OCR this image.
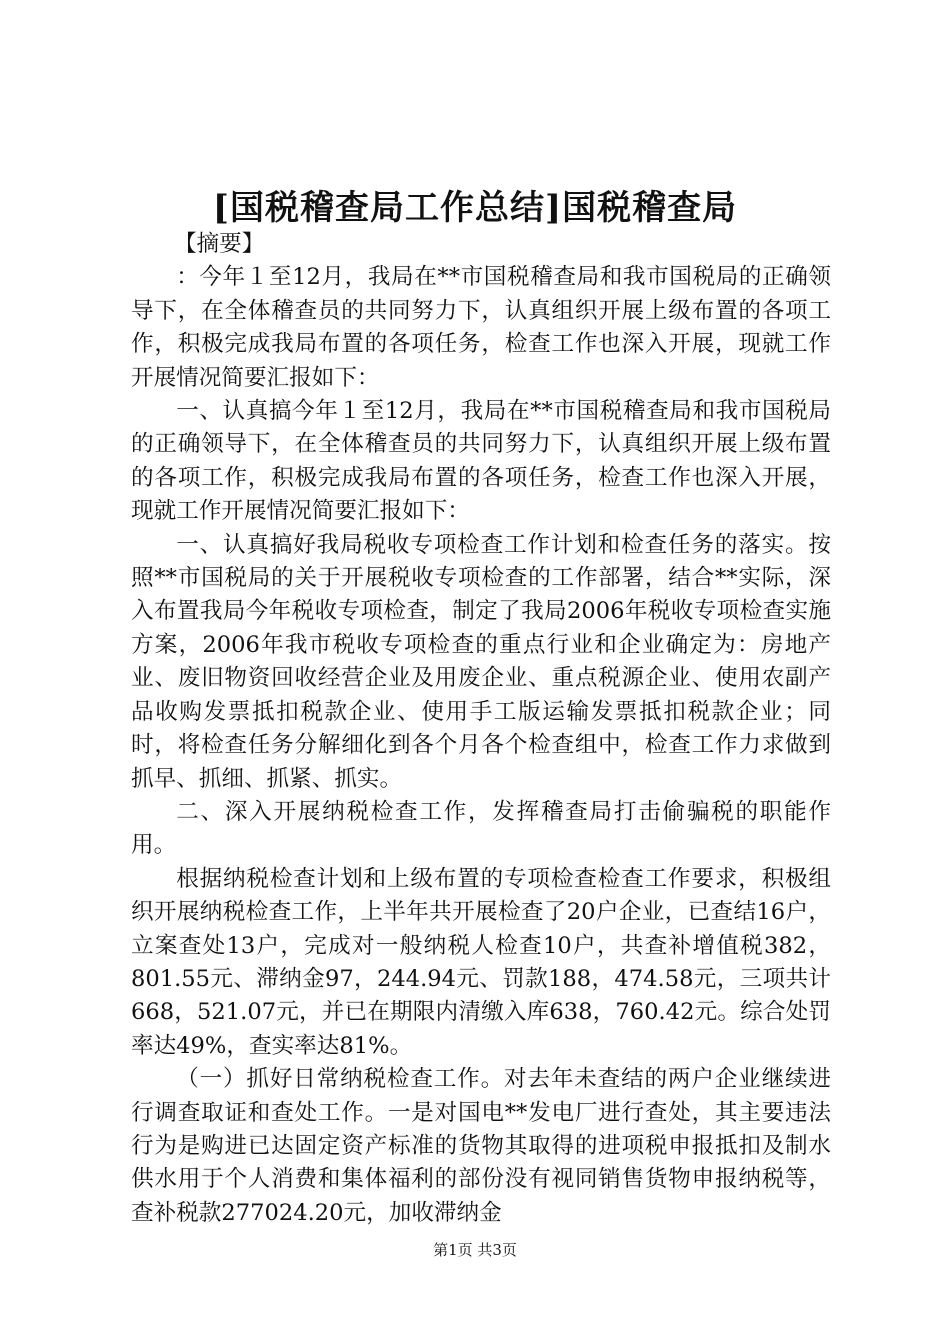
[国税稽查局工作总结]国税稽查局

【摘要】

：今年１至12月，我局在**市国税稽查局和我市国税局的正确领导下，在全体稽查员的共同努力下，认真组织开展上级布置的各项工作，积极完成我局布置的各项任务，检查工作也深入开展，现就工作开展情况简要汇报如下：

一、认真搞今年１至12月，我局在**市国税稽查局和我市国税局的正确领导下，在全体稽查员的共同努力下，认真组织开展上级布置的各项工作，积极完成我局布置的各项任务，检查工作也深入开展，现就工作开展情况简要汇报如下：

一、认真搞好我局税收专项检查工作计划和检查任务的落实。按照**市国税局的关于开展税收专项检查的工作部署，结合**实际，深入布置我局今年税收专项检查，制定了我局2006年税收专项检查实施方案，2006年我市税收专项检查的重点行业和企业确定为：房地产业、废旧物资回收经营企业及用废企业、重点税源企业、使用农副产品收购发票抵扣税款企业、使用手工版运输发票抵扣税款企业；同时，将检查任务分解细化到各个月各个检查组中，检查工作力求做到抓早、抓细、抓紧、抓实。

二、深入开展纳税检查工作，发挥稽查局打击偷骗税的职能作用。

根据纳税检查计划和上级布置的专项检查检查工作要求，积极组织开展纳税检查工作，上半年共开展检查了20户企业，已查结16户，立案查处13户，完成对一般纳税人检查10户，共查补增值税382，801.55元、滞纳金97，244.94元、罚款188，474.58元，三项共计668，521.07元，并已在期限内清缴入库638，760.42元。综合处罚率达49%，查实率达81%。

（一）抓好日常纳税检查工作。对去年未查结的两户企业继续进行调查取证和查处工作。一是对国电**发电厂进行查处，其主要违法行为是购进已达固定资产标准的货物其取得的进项税申报抵扣及制水供水用于个人消费和集体福利的部份没有视同销售货物申报纳税等，查补税款277024.20元，加收滞纳金

第1页 共3页
